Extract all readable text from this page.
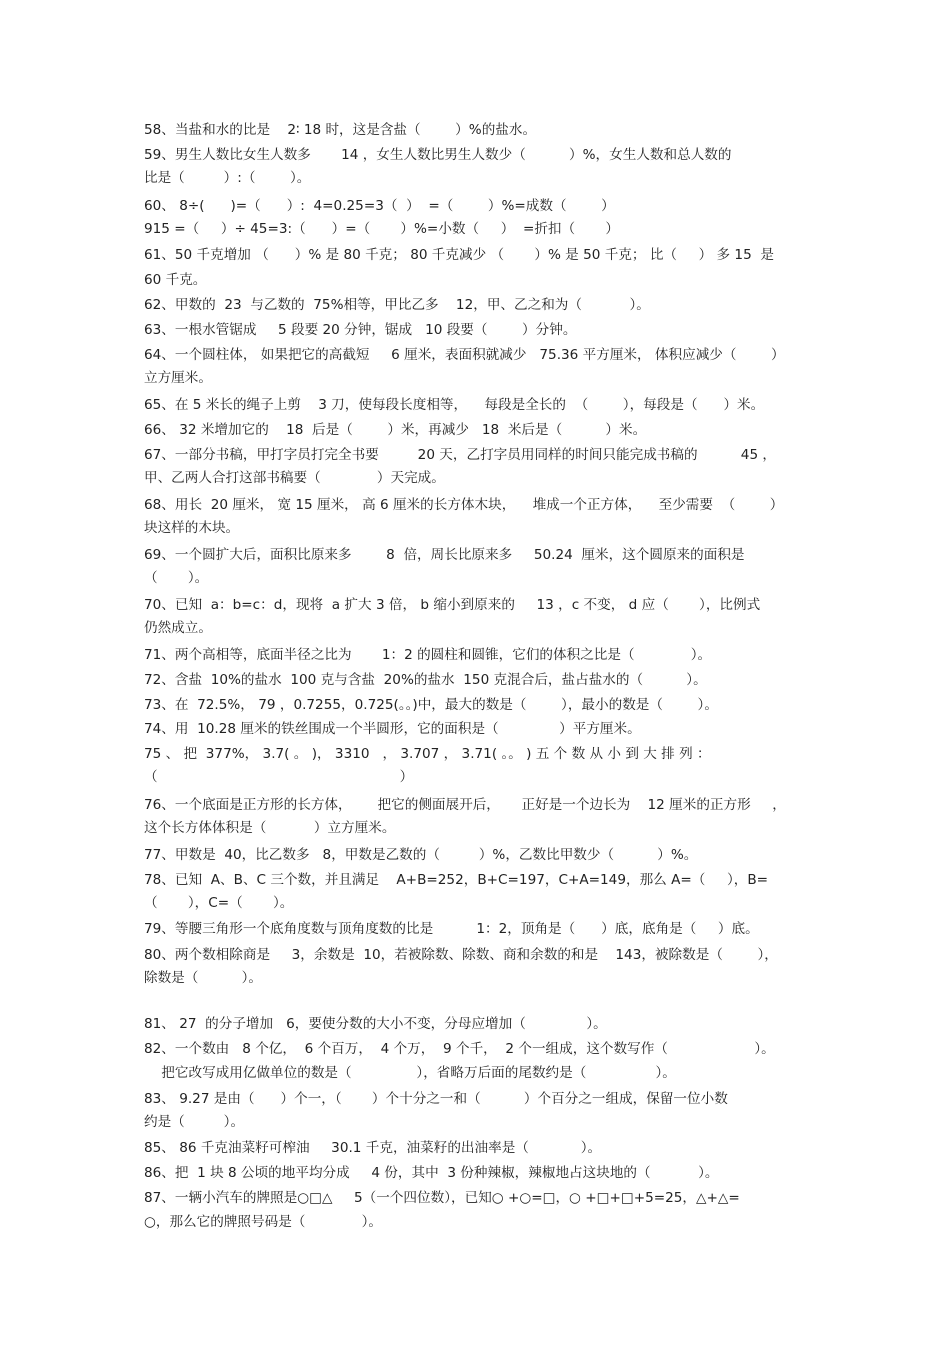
58、当盐和水的比是    2∶ 18 时，这是含盐（        ）%的盐水。
59、男生人数比女生人数多       14 ，女生人数比男生人数少（          ）%，女生人数和总人数的
比是（         ）:（        ）。
60、 8÷(      )=（      ）:  4=0.25=3（  ）  =（        ）%=成数（        ）
915 =（     ）÷ 45=3:（      ）=（       ）%=小数（     ）  =折扣（       ）
61、50 千克增加 （      ）% 是 80 千克； 80 千克减少 （       ）% 是 50 千克； 比（     ） 多 15  是
60 千克。
62、甲数的  23  与乙数的  75%相等，甲比乙多    12，甲、乙之和为（           ）。
63、一根水管锯成     5 段要 20 分钟，锯成   10 段要（        ）分钟。
64、一个圆柱体， 如果把它的高截短     6 厘米，表面积就减少   75.36 平方厘米， 体积应减少（        ）
立方厘米。
65、在 5 米长的绳子上剪    3 刀，使每段长度相等，    每段是全长的  （        ），每段是（      ）米。
66、 32 米增加它的    18  后是（        ）米，再减少   18  米后是（          ）米。
67、一部分书稿，甲打字员打完全书要         20 天，乙打字员用同样的时间只能完成书稿的          45 ，
甲、乙两人合打这部书稿要（             ）天完成。
68、用长  20 厘米， 宽 15 厘米， 高 6 厘米的长方体木块，    堆成一个正方体，    至少需要  （        ）
块这样的木块。
69、一个圆扩大后，面积比原来多        8  倍，周长比原来多     50.24  厘米，这个圆原来的面积是
（       ）。
70、已知  a：b=c：d，现将  a 扩大 3 倍， b 缩小到原来的     13 ，c 不变， d 应（       ），比例式
仍然成立。
71、两个高相等，底面半径之比为       1：2 的圆柱和圆锥，它们的体积之比是（             ）。
72、含盐  10%的盐水  100 克与含盐  20%的盐水  150 克混合后，盐占盐水的（          ）。
73、在  72.5%， 79 ，0.7255，0.725(。。)中，最大的数是（        ），最小的数是（        ）。
74、用  10.28 厘米的铁丝围成一个半圆形，它的面积是（              ）平方厘米。
75 、 把  377%， 3.7( 。 )， 3310   ， 3.707 ， 3.71( 。。 ) 五 个 数 从 小 到 大 排 列 ：
（                                                        ）
76、一个底面是正方形的长方体，      把它的侧面展开后，     正好是一个边长为    12 厘米的正方形     ，
这个长方体体积是（           ）立方厘米。
77、甲数是  40，比乙数多   8，甲数是乙数的（         ）%，乙数比甲数少（          ）%。
78、已知  A、B、C 三个数，并且满足    A+B=252，B+C=197，C+A=149，那么 A=（     ），B=
（       ），C=（       ）。
79、等腰三角形一个底角度数与顶角度数的比是          1：2，顶角是（      ）底，底角是（     ）底。
80、两个数相除商是     3，余数是  10，若被除数、除数、商和余数的和是    143，被除数是（        ），
除数是（          ）。
81、 27  的分子增加   6，要使分数的大小不变，分母应增加（              ）。
82、一个数由   8 个亿，  6 个百万，  4 个万，  9 个千，  2 个一组成，这个数写作（                    ）。
把它改写成用亿做单位的数是（               ），省略万后面的尾数约是（                ）。
83、 9.27 是由（      ）个一，（       ）个十分之一和（          ）个百分之一组成，保留一位小数
约是（         ）。
85、 86 千克油菜籽可榨油     30.1 千克，油菜籽的出油率是（            ）。
86、把  1 块 8 公顷的地平均分成     4 份，其中  3 份种辣椒，辣椒地占这块地的（           ）。
87、一辆小汽车的牌照是○□△     5（一个四位数），已知○ +○=□，○ +□+□+5=25，△+△=
○，那么它的牌照号码是（             ）。
